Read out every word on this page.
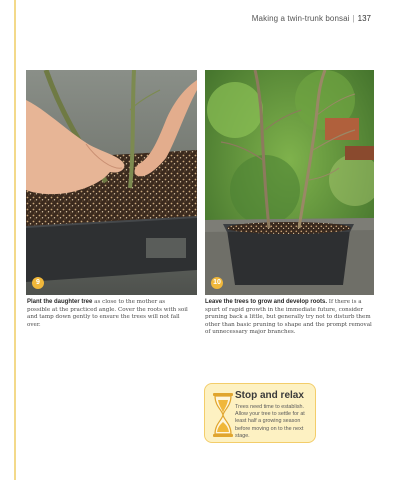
Making a twin-trunk bonsai | 137
9	10

Plant the daughter tree as close to the mother as possible at the practiced angle. Cover the roots with soil and tamp down gently to ensure the trees will not fall over.

Leave the trees to grow and develop roots. If there is a spurt of rapid growth in the immediate future, consider pruning back a little, but generally try not to disturb them other than basic pruning to shape and the prompt removal of unnecessary major branches.

Stop and relax
Trees need time to establish. Allow your tree to settle for at least half a growing season before moving on to the next stage.
